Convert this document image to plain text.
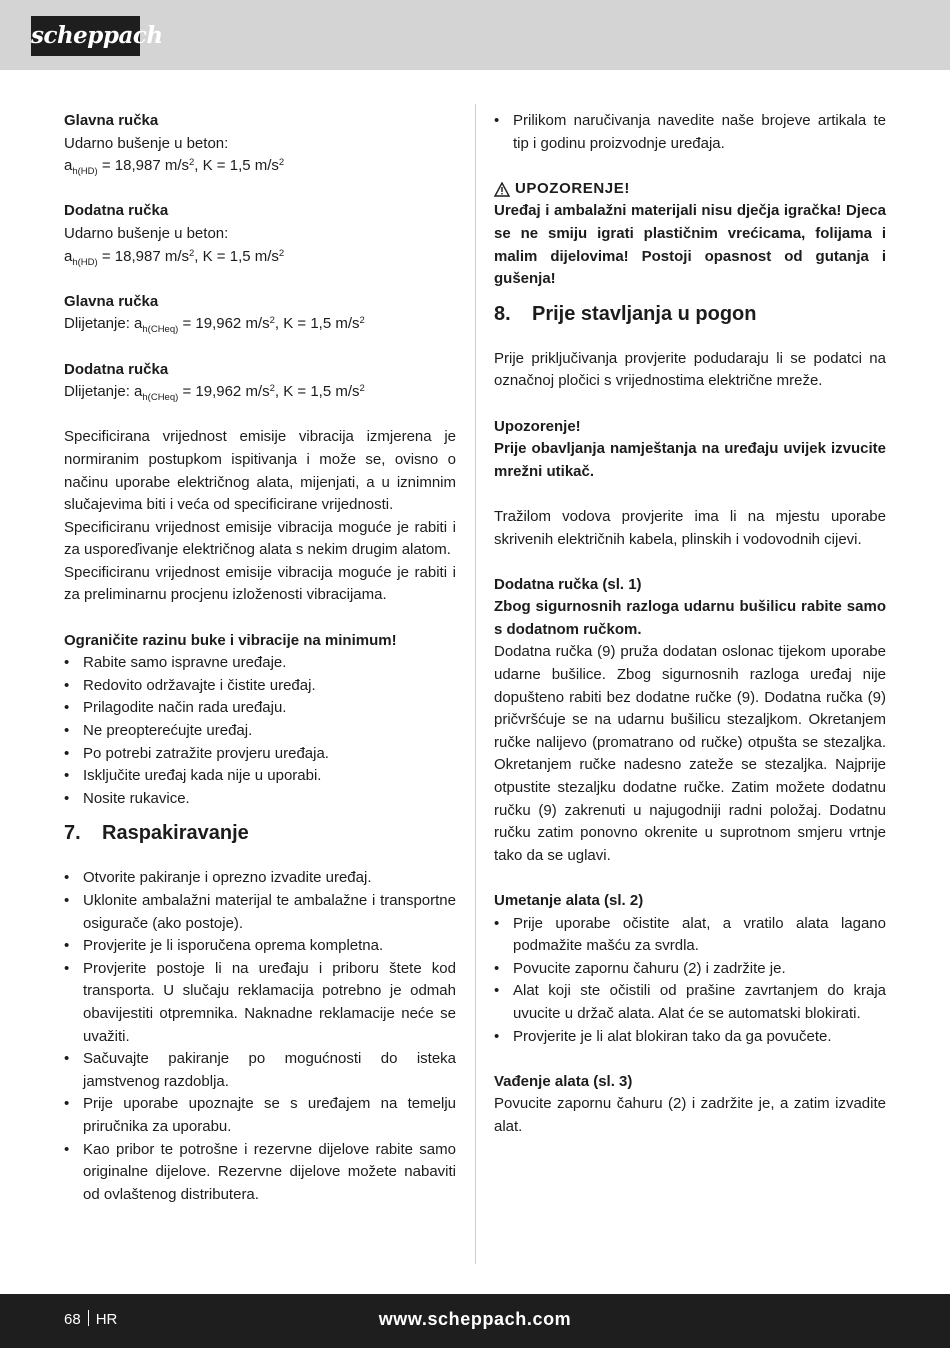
scheppach

Glavna ručka

Udarno bušenje u beton:

$a_{h(HD)} = 18,987$ $m/s^2$, K = 1,5 $m/s^2$

Dodatna ručka

Udarno bušenje u beton:

$a_{h(HD)} = 18,987$ $m/s^2$, K = 1,5 $m/s^2$

Glavna ručka

Dlijetanje: $a_{h(CHeq)} = 19,962$ $m/s^2$, K = 1,5 $m/s^2$

Dodatna ručka

Dlijetanje: $a_{h(CHeq)} = 19,962$ $m/s^2$, K = 1,5 $m/s^2$

Specificirana vrijednost emisije vibracija izmjerena je normiranim postupkom ispitivanja i može se, ovisno o načinu uporabe električnog alata, mijenjati, a u iznimnim slučajevima biti i veća od specificirane vrijednosti.

Specificiranu vrijednost emisije vibracija moguće je rabiti i za usporeďivanje električnog alata s nekim drugim alatom.

Specificiranu vrijednost emisije vibracija moguće je rabiti i za preliminarnu procjenu izloženosti vibracijama.

Ograničite razinu buke i vibracije na minimum!

• Rabite samo ispravne uređaje.
• Redovito održavajte i čistite uređaj.
• Prilagodite način rada uređaju.
• Ne preopterećujte uređaj.
• Po potrebi zatražite provjeru uređaja.
• Isključite uređaj kada nije u uporabi.
• Nosite rukavice.
7.	Raspakiravanje
• Otvorite pakiranje i oprezno izvadite uređaj.
• Uklonite ambalažni materijal te ambalažne i transportne osigurače (ako postoje).
• Provjerite je li isporučena oprema kompletna.
• Provjerite postoje li na uređaju i priboru štete kod transporta. U slučaju reklamacija potrebno je odmah obavijestiti otpremnika. Naknadne reklamacije neće se uvažiti.
• Sačuvajte pakiranje po mogućnosti do isteka jamstvenog razdoblja.
• Prije uporabe upoznajte se s uređajem na temelju priručnika za uporabu.
• Kao pribor te potrošne i rezervne dijelove rabite samo originalne dijelove. Rezervne dijelove možete nabaviti od ovlaštenog distributera.
• Prilikom naručivanja navedite naše brojeve artikala te tip i godinu proizvodnje uređaja.

UPOZORENJE!

Uređaj i ambalažni materijali nisu dječja igračka! Djeca se ne smiju igrati plastičnim vrećicama, folijama i malim dijelovima! Postoji opasnost od gutanja i gušenja!

8.	Prije stavljanja u pogon

Prije priključivanja provjerite podudaraju li se podatci na označnoj pločici s vrijednostima električne mreže.

Upozorenje!

Prije obavljanja namještanja na uređaju uvijek izvucite mrežni utikač.

Tražilom vodova provjerite ima li na mjestu uporabe skrivenih električnih kabela, plinskih i vodovodnih cijevi.

Dodatna ručka (sl. 1)

Zbog sigurnosnih razloga udarnu bušilicu rabite samo s dodatnom ručkom.

Dodatna ručka (9) pruža dodatan oslonac tijekom uporabe udarne bušilice. Zbog sigurnosnih razloga uređaj nije dopušteno rabiti bez dodatne ručke (9). Dodatna ručka (9) pričvršćuje se na udarnu bušilicu stezaljkom. Okretanjem ručke nalijevo (promatrano od ručke) otpušta se stezaljka. Okretanjem ručke nadesno zateže se stezaljka. Najprije otpustite stezaljku dodatne ručke. Zatim možete dodatnu ručku (9) zakrenuti u najugodniji radni položaj. Dodatnu ručku zatim ponovno okrenite u suprotnom smjeru vrtnje tako da se uglavi.

Umetanje alata (sl. 2)

• Prije uporabe očistite alat, a vratilo alata lagano podmažite mašću za svrdla.
• Povucite zapornu čahuru (2) i zadržite je.
• Alat koji ste očistili od prašine zavrtanjem do kraja uvucite u držač alata. Alat će se automatski blokirati.
• Provjerite je li alat blokiran tako da ga povučete.

Vađenje alata (sl. 3)

Povucite zapornu čahuru (2) i zadržite je, a zatim izvadite alat.

68 HR	www.scheppach.com
